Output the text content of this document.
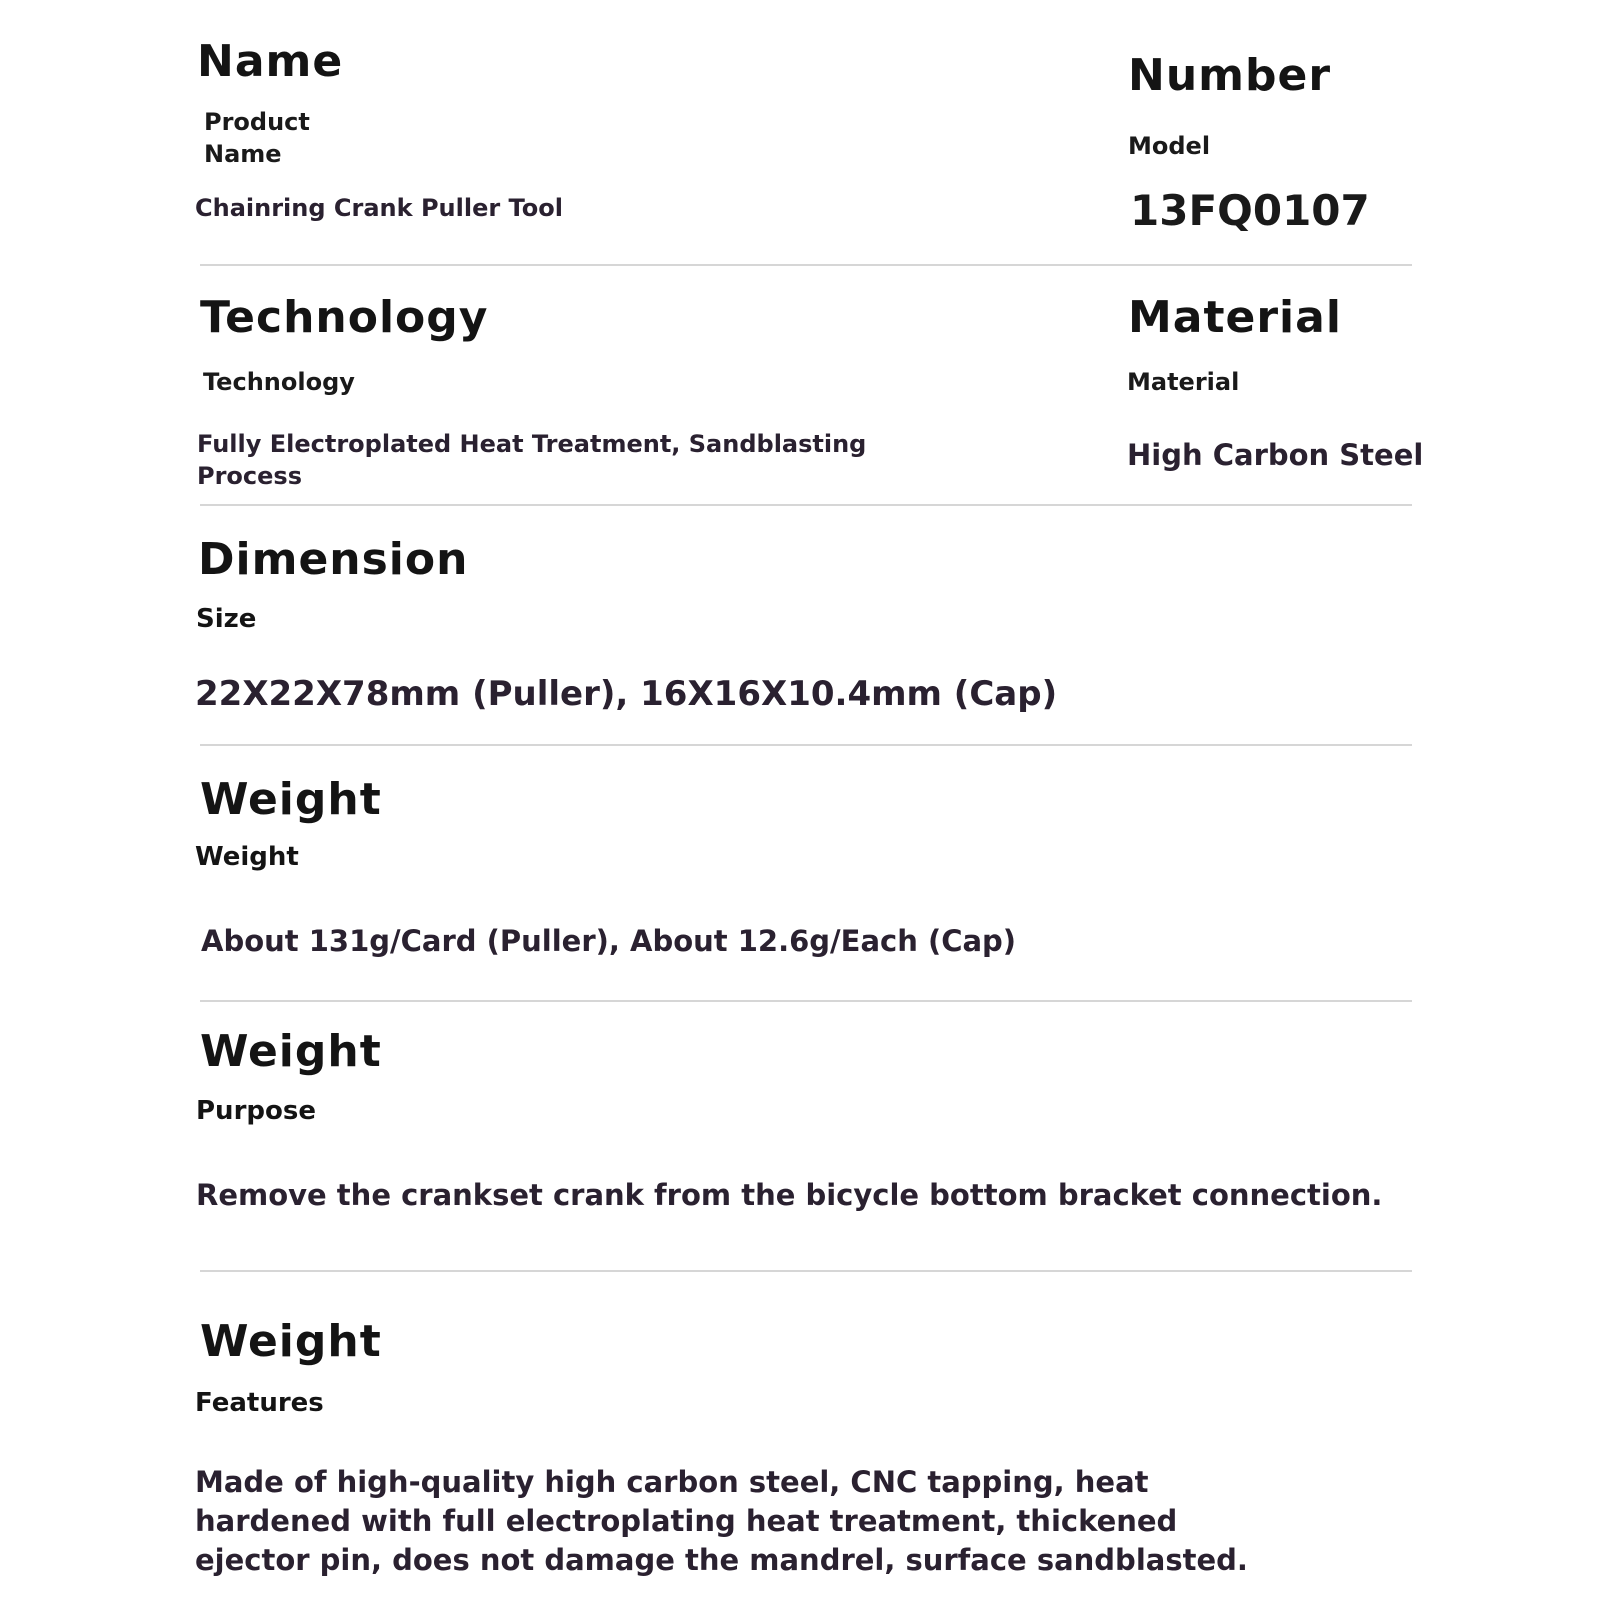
Name
Product
Name
Chainring Crank Puller Tool
Number
Model
13FQ0107
Technology
Technology
Fully Electroplated Heat Treatment, Sandblasting
Process
Material
Material
High Carbon Steel
Dimension
Size
22X22X78mm (Puller), 16X16X10.4mm (Cap)
Weight
Weight
About 131g/Card (Puller), About 12.6g/Each (Cap)
Weight
Purpose
Remove the crankset crank from the bicycle bottom bracket connection.
Weight
Features
Made of high-quality high carbon steel, CNC tapping, heat
hardened with full electroplating heat treatment, thickened
ejector pin, does not damage the mandrel, surface sandblasted.
